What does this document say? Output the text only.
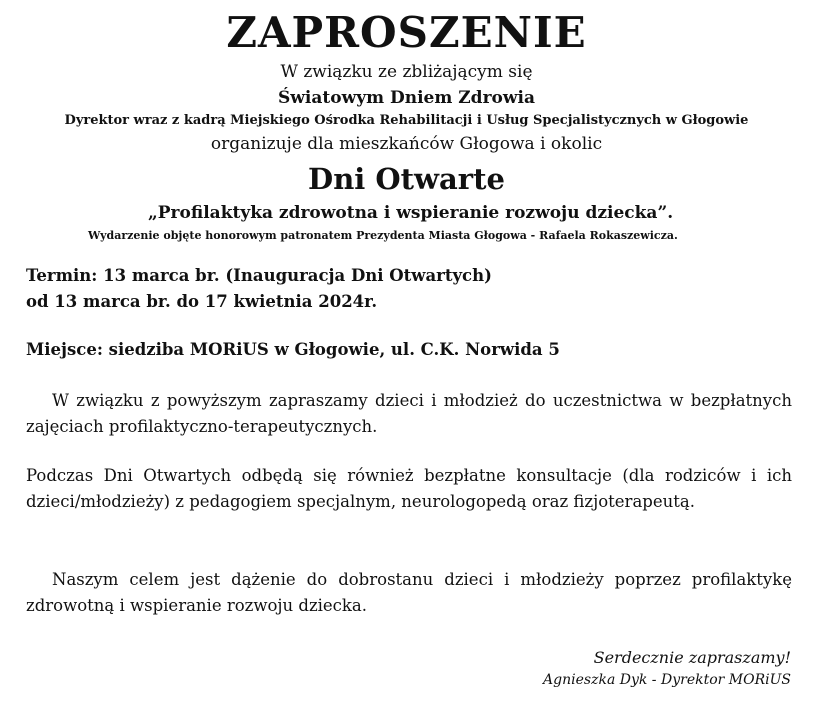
ZAPROSZENIE
W związku ze zbliżającym się
Światowym Dniem Zdrowia
Dyrektor wraz z kadrą Miejskiego Ośrodka Rehabilitacji i Usług Specjalistycznych w Głogowie
organizuje dla mieszkańców Głogowa i okolic
Dni Otwarte
„Profilaktyka zdrowotna i wspieranie rozwoju dziecka”.
Wydarzenie objęte honorowym patronatem Prezydenta Miasta Głogowa - Rafaela Rokaszewicza.
Termin: 13 marca br. (Inauguracja Dni Otwartych)
od 13 marca br. do 17 kwietnia 2024r.
Miejsce: siedziba MORiUS w Głogowie, ul. C.K. Norwida 5
W związku z powyższym zapraszamy dzieci i młodzież do uczestnictwa w bezpłatnych zajęciach profilaktyczno-terapeutycznych.
Podczas Dni Otwartych odbędą się również bezpłatne konsultacje (dla rodziców i ich dzieci/młodzieży) z pedagogiem specjalnym, neurologopedą oraz fizjoterapeutą.
Naszym celem jest dążenie do dobrostanu dzieci i młodzieży poprzez profilaktykę zdrowotną i wspieranie rozwoju dziecka.
Serdecznie zapraszamy!
Agnieszka Dyk - Dyrektor MORiUS
